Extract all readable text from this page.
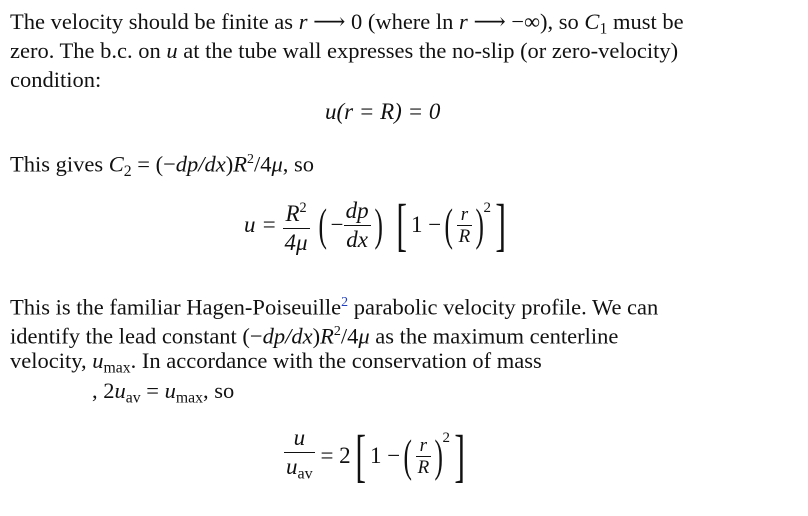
The velocity should be finite as r ⟶ 0 (where ln r ⟶ −∞), so $C_1$ must be
zero. The b.c. on u at the tube wall expresses the no-slip (or zero-velocity)
condition:
u(r = R) = 0
This gives $C_2 = (-dp/dx)R^2/4\mu$, so
$u = \frac{R^2}{4\mu}$ ( − $\frac{dp}{dx}$ ) [ 1 −( $\frac{r}{R} )2$]
This is the familiar Hagen-Poiseuille$^2$ parabolic velocity profile. We can
identify the lead constant $(-dp/dx)R^2/4\mu$ as the maximum centerline
velocity, $u_{max}$. In accordance with the conservation of mass
, $2u_{av} = u_{max}$, so
$\frac{u}{u_{av}} = 2$[ 1 −( $\frac{r}{R} )2$]
